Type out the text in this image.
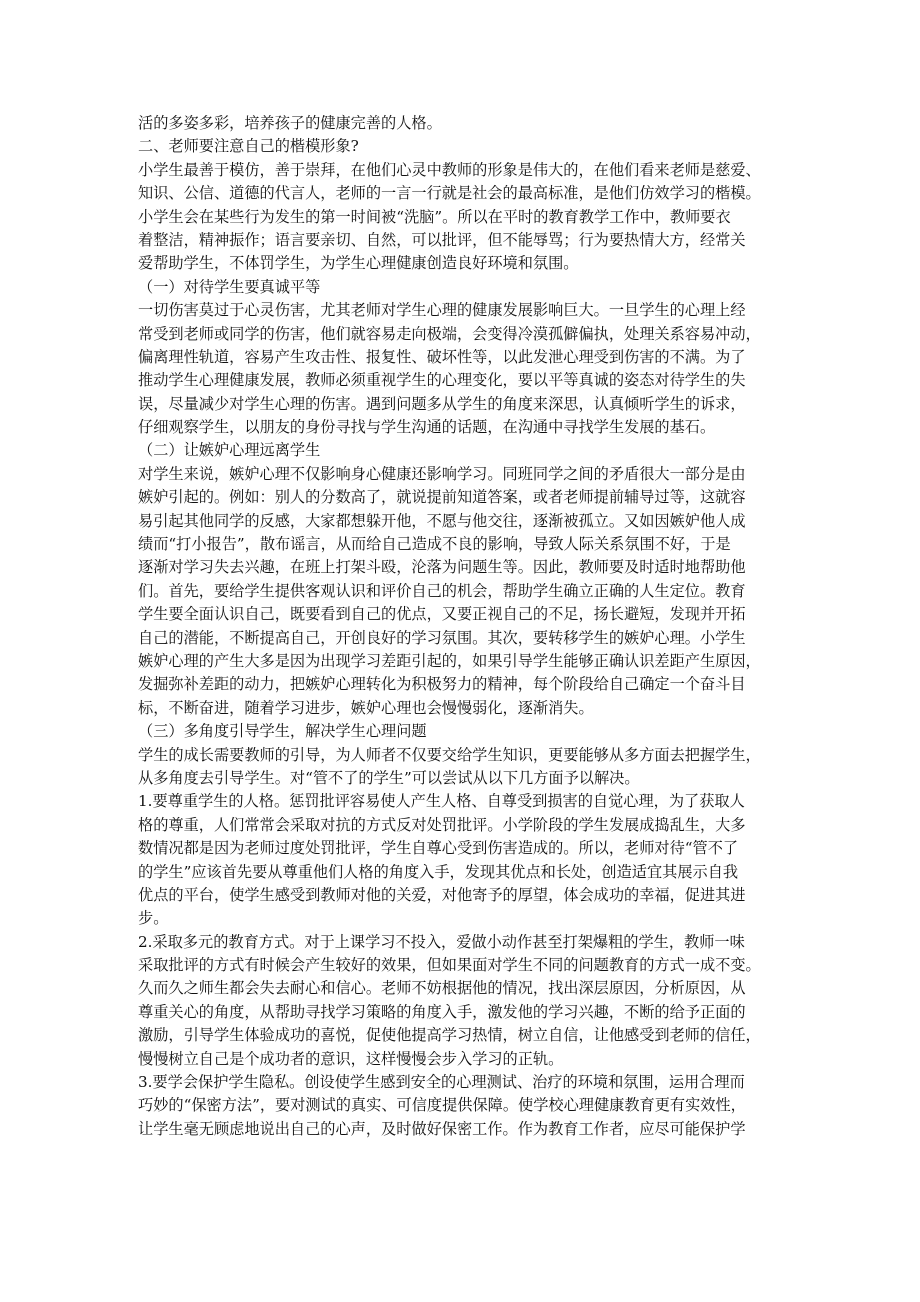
活的多姿多彩，培养孩子的健康完善的人格。
二、老师要注意自己的楷模形象?
小学生最善于模仿，善于崇拜，在他们心灵中教师的形象是伟大的，在他们看来老师是慈爱、
知识、公信、道德的代言人，老师的一言一行就是社会的最高标准，是他们仿效学习的楷模。
小学生会在某些行为发生的第一时间被“洗脑”。所以在平时的教育教学工作中，教师要衣
着整洁，精神振作；语言要亲切、自然，可以批评，但不能辱骂；行为要热情大方，经常关
爱帮助学生，不体罚学生，为学生心理健康创造良好环境和氛围。
（一）对待学生要真诚平等
一切伤害莫过于心灵伤害，尤其老师对学生心理的健康发展影响巨大。一旦学生的心理上经
常受到老师或同学的伤害，他们就容易走向极端，会变得冷漠孤僻偏执，处理关系容易冲动，
偏离理性轨道，容易产生攻击性、报复性、破坏性等，以此发泄心理受到伤害的不满。为了
推动学生心理健康发展，教师必须重视学生的心理变化，要以平等真诚的姿态对待学生的失
误，尽量减少对学生心理的伤害。遇到问题多从学生的角度来深思，认真倾听学生的诉求，
仔细观察学生，以朋友的身份寻找与学生沟通的话题，在沟通中寻找学生发展的基石。
（二）让嫉妒心理远离学生
对学生来说，嫉妒心理不仅影响身心健康还影响学习。同班同学之间的矛盾很大一部分是由
嫉妒引起的。例如：别人的分数高了，就说提前知道答案，或者老师提前辅导过等，这就容
易引起其他同学的反感，大家都想躲开他，不愿与他交往，逐渐被孤立。又如因嫉妒他人成
绩而“打小报告”，散布谣言，从而给自己造成不良的影响，导致人际关系氛围不好，于是
逐渐对学习失去兴趣，在班上打架斗殴，沦落为问题生等。因此，教师要及时适时地帮助他
们。首先，要给学生提供客观认识和评价自己的机会，帮助学生确立正确的人生定位。教育
学生要全面认识自己，既要看到自己的优点，又要正视自己的不足，扬长避短，发现并开拓
自己的潜能，不断提高自己，开创良好的学习氛围。其次，要转移学生的嫉妒心理。小学生
嫉妒心理的产生大多是因为出现学习差距引起的，如果引导学生能够正确认识差距产生原因，
发掘弥补差距的动力，把嫉妒心理转化为积极努力的精神，每个阶段给自己确定一个奋斗目
标，不断奋进，随着学习进步，嫉妒心理也会慢慢弱化，逐渐消失。
（三）多角度引导学生，解决学生心理问题
学生的成长需要教师的引导，为人师者不仅要交给学生知识，更要能够从多方面去把握学生，
从多角度去引导学生。对“管不了的学生”可以尝试从以下几方面予以解决。
1.要尊重学生的人格。惩罚批评容易使人产生人格、自尊受到损害的自觉心理，为了获取人
格的尊重，人们常常会采取对抗的方式反对处罚批评。小学阶段的学生发展成捣乱生，大多
数情况都是因为老师过度处罚批评，学生自尊心受到伤害造成的。所以，老师对待“管不了
的学生”应该首先要从尊重他们人格的角度入手，发现其优点和长处，创造适宜其展示自我
优点的平台，使学生感受到教师对他的关爱，对他寄予的厚望，体会成功的幸福，促进其进
步。
2.采取多元的教育方式。对于上课学习不投入，爱做小动作甚至打架爆粗的学生，教师一味
采取批评的方式有时候会产生较好的效果，但如果面对学生不同的问题教育的方式一成不变。
久而久之师生都会失去耐心和信心。老师不妨根据他的情况，找出深层原因，分析原因，从
尊重关心的角度，从帮助寻找学习策略的角度入手，激发他的学习兴趣，不断的给予正面的
激励，引导学生体验成功的喜悦，促使他提高学习热情，树立自信，让他感受到老师的信任，
慢慢树立自己是个成功者的意识，这样慢慢会步入学习的正轨。
3.要学会保护学生隐私。创设使学生感到安全的心理测试、治疗的环境和氛围，运用合理而
巧妙的“保密方法”，要对测试的真实、可信度提供保障。使学校心理健康教育更有实效性，
让学生毫无顾虑地说出自己的心声，及时做好保密工作。作为教育工作者，应尽可能保护学
